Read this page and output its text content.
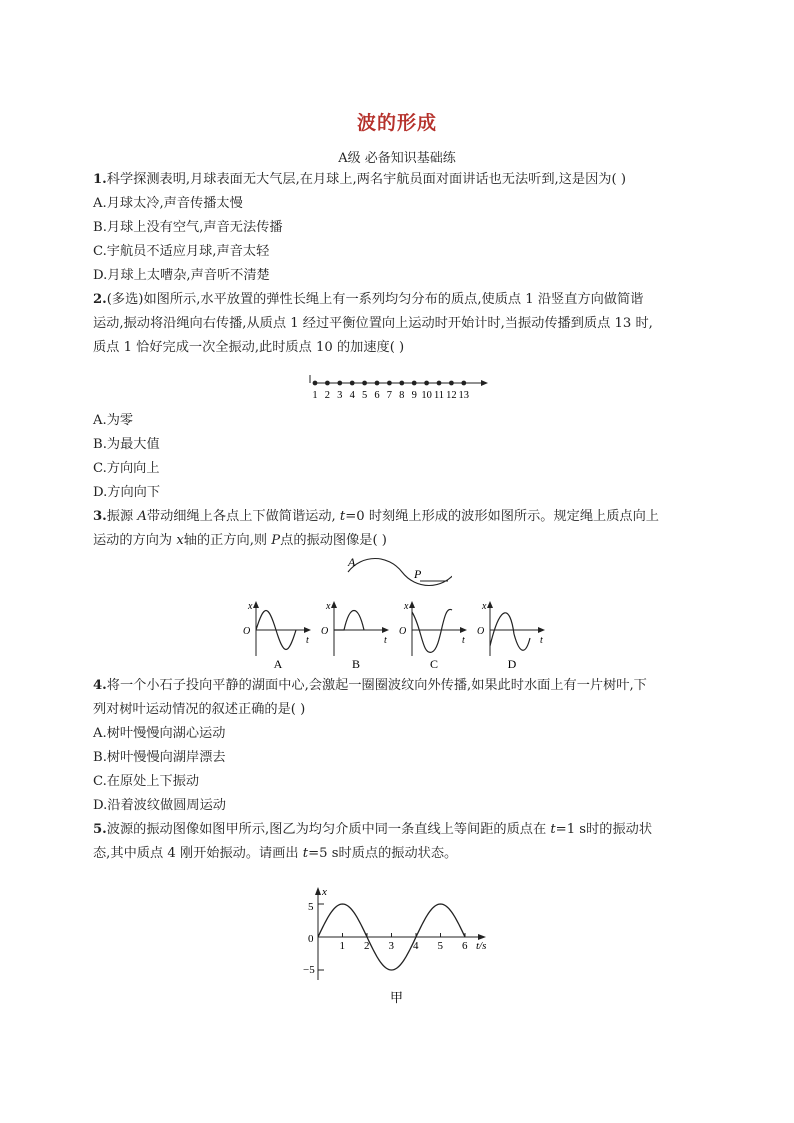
波的形成
A级 必备知识基础练
1.科学探测表明,月球表面无大气层,在月球上,两名宇航员面对面讲话也无法听到,这是因为( )
A.月球太冷,声音传播太慢
B.月球上没有空气,声音无法传播
C.宇航员不适应月球,声音太轻
D.月球上太嘈杂,声音听不清楚
2.(多选)如图所示,水平放置的弹性长绳上有一系列均匀分布的质点,使质点 1 沿竖直方向做简谐
运动,振动将沿绳向右传播,从质点 1 经过平衡位置向上运动时开始计时,当振动传播到质点 13 时,
质点 1 恰好完成一次全振动,此时质点 10 的加速度( )
1 2 3 4 5 6 7 8 9 10 11 12 13
A.为零
B.为最大值
C.方向向上
D.方向向下
3.振源 A带动细绳上各点上下做简谐运动, t=0 时刻绳上形成的波形如图所示。规定绳上质点向上
运动的方向为 x轴的正方向,则 P点的振动图像是( )
A
P
x
O
t
A
x
O
t
B
x
O
t
C
x
O
t
D
4.将一个小石子投向平静的湖面中心,会激起一圈圈波纹向外传播,如果此时水面上有一片树叶,下
列对树叶运动情况的叙述正确的是( )
A.树叶慢慢向湖心运动
B.树叶慢慢向湖岸漂去
C.在原处上下振动
D.沿着波纹做圆周运动
5.波源的振动图像如图甲所示,图乙为均匀介质中同一条直线上等间距的质点在 t=1 s时的振动状
态,其中质点 4 刚开始振动。请画出 t=5 s时质点的振动状态。
x
0
5
−5
1 2 3 4 5 6 t/s
甲
